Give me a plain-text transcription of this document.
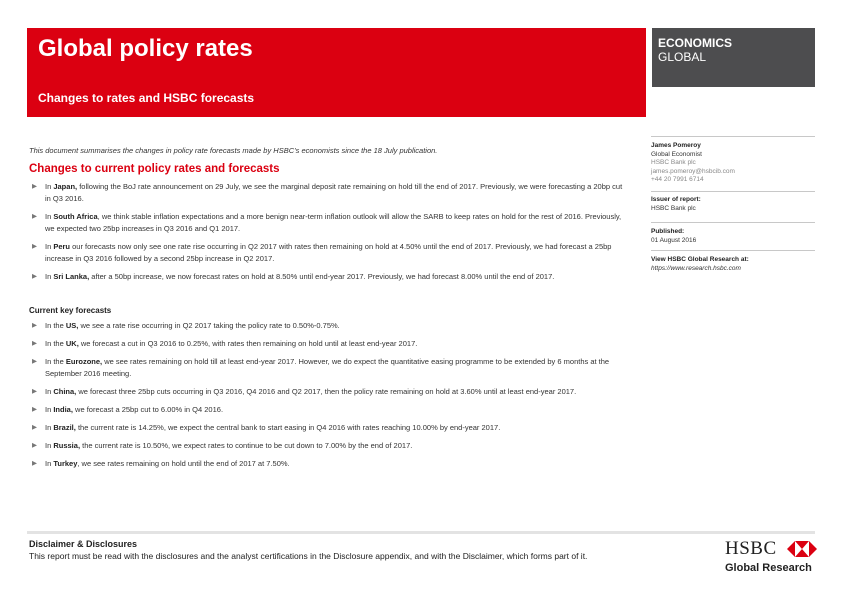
Global policy rates
Changes to rates and HSBC forecasts
ECONOMICS
GLOBAL
This document summarises the changes in policy rate forecasts made by HSBC’s economists since the 18 July publication.
Changes to current policy rates and forecasts
▶ In Japan, following the BoJ rate announcement on 29 July, we see the marginal deposit rate remaining on hold till the end of 2017. Previously, we were forecasting a 20bp cut in Q3 2016.
▶ In South Africa, we think stable inflation expectations and a more benign near-term inflation outlook will allow the SARB to keep rates on hold for the rest of 2016. Previously, we expected two 25bp increases in Q3 2016 and Q1 2017.
▶ In Peru our forecasts now only see one rate rise occurring in Q2 2017 with rates then remaining on hold at 4.50% until the end of 2017. Previously, we had forecast a 25bp increase in Q3 2016 followed by a second 25bp increase in Q2 2017.
▶ In Sri Lanka, after a 50bp increase, we now forecast rates on hold at 8.50% until end-year 2017. Previously, we had forecast 8.00% until the end of 2017.
Current key forecasts
▶ In the US, we see a rate rise occurring in Q2 2017 taking the policy rate to 0.50%-0.75%.
▶ In the UK, we forecast a cut in Q3 2016 to 0.25%, with rates then remaining on hold until at least end-year 2017.
▶ In the Eurozone, we see rates remaining on hold till at least end-year 2017. However, we do expect the quantitative easing programme to be extended by 6 months at the September 2016 meeting.
▶ In China, we forecast three 25bp cuts occurring in Q3 2016, Q4 2016 and Q2 2017, then the policy rate remaining on hold at 3.60% until at least end-year 2017.
▶ In India, we forecast a 25bp cut to 6.00% in Q4 2016.
▶ In Brazil, the current rate is 14.25%, we expect the central bank to start easing in Q4 2016 with rates reaching 10.00% by end-year 2017.
▶ In Russia, the current rate is 10.50%, we expect rates to continue to be cut down to 7.00% by the end of 2017.
▶ In Turkey, we see rates remaining on hold until the end of 2017 at 7.50%.
James Pomeroy
Global Economist
HSBC Bank plc
james.pomeroy@hsbcib.com
+44 20 7991 6714
Issuer of report:
HSBC Bank plc
Published:
01 August 2016
View HSBC Global Research at:
https://www.research.hsbc.com
Disclaimer & Disclosures
This report must be read with the disclosures and the analyst certifications in the Disclosure appendix, and with the Disclaimer, which forms part of it.	HSBC
Global Research
